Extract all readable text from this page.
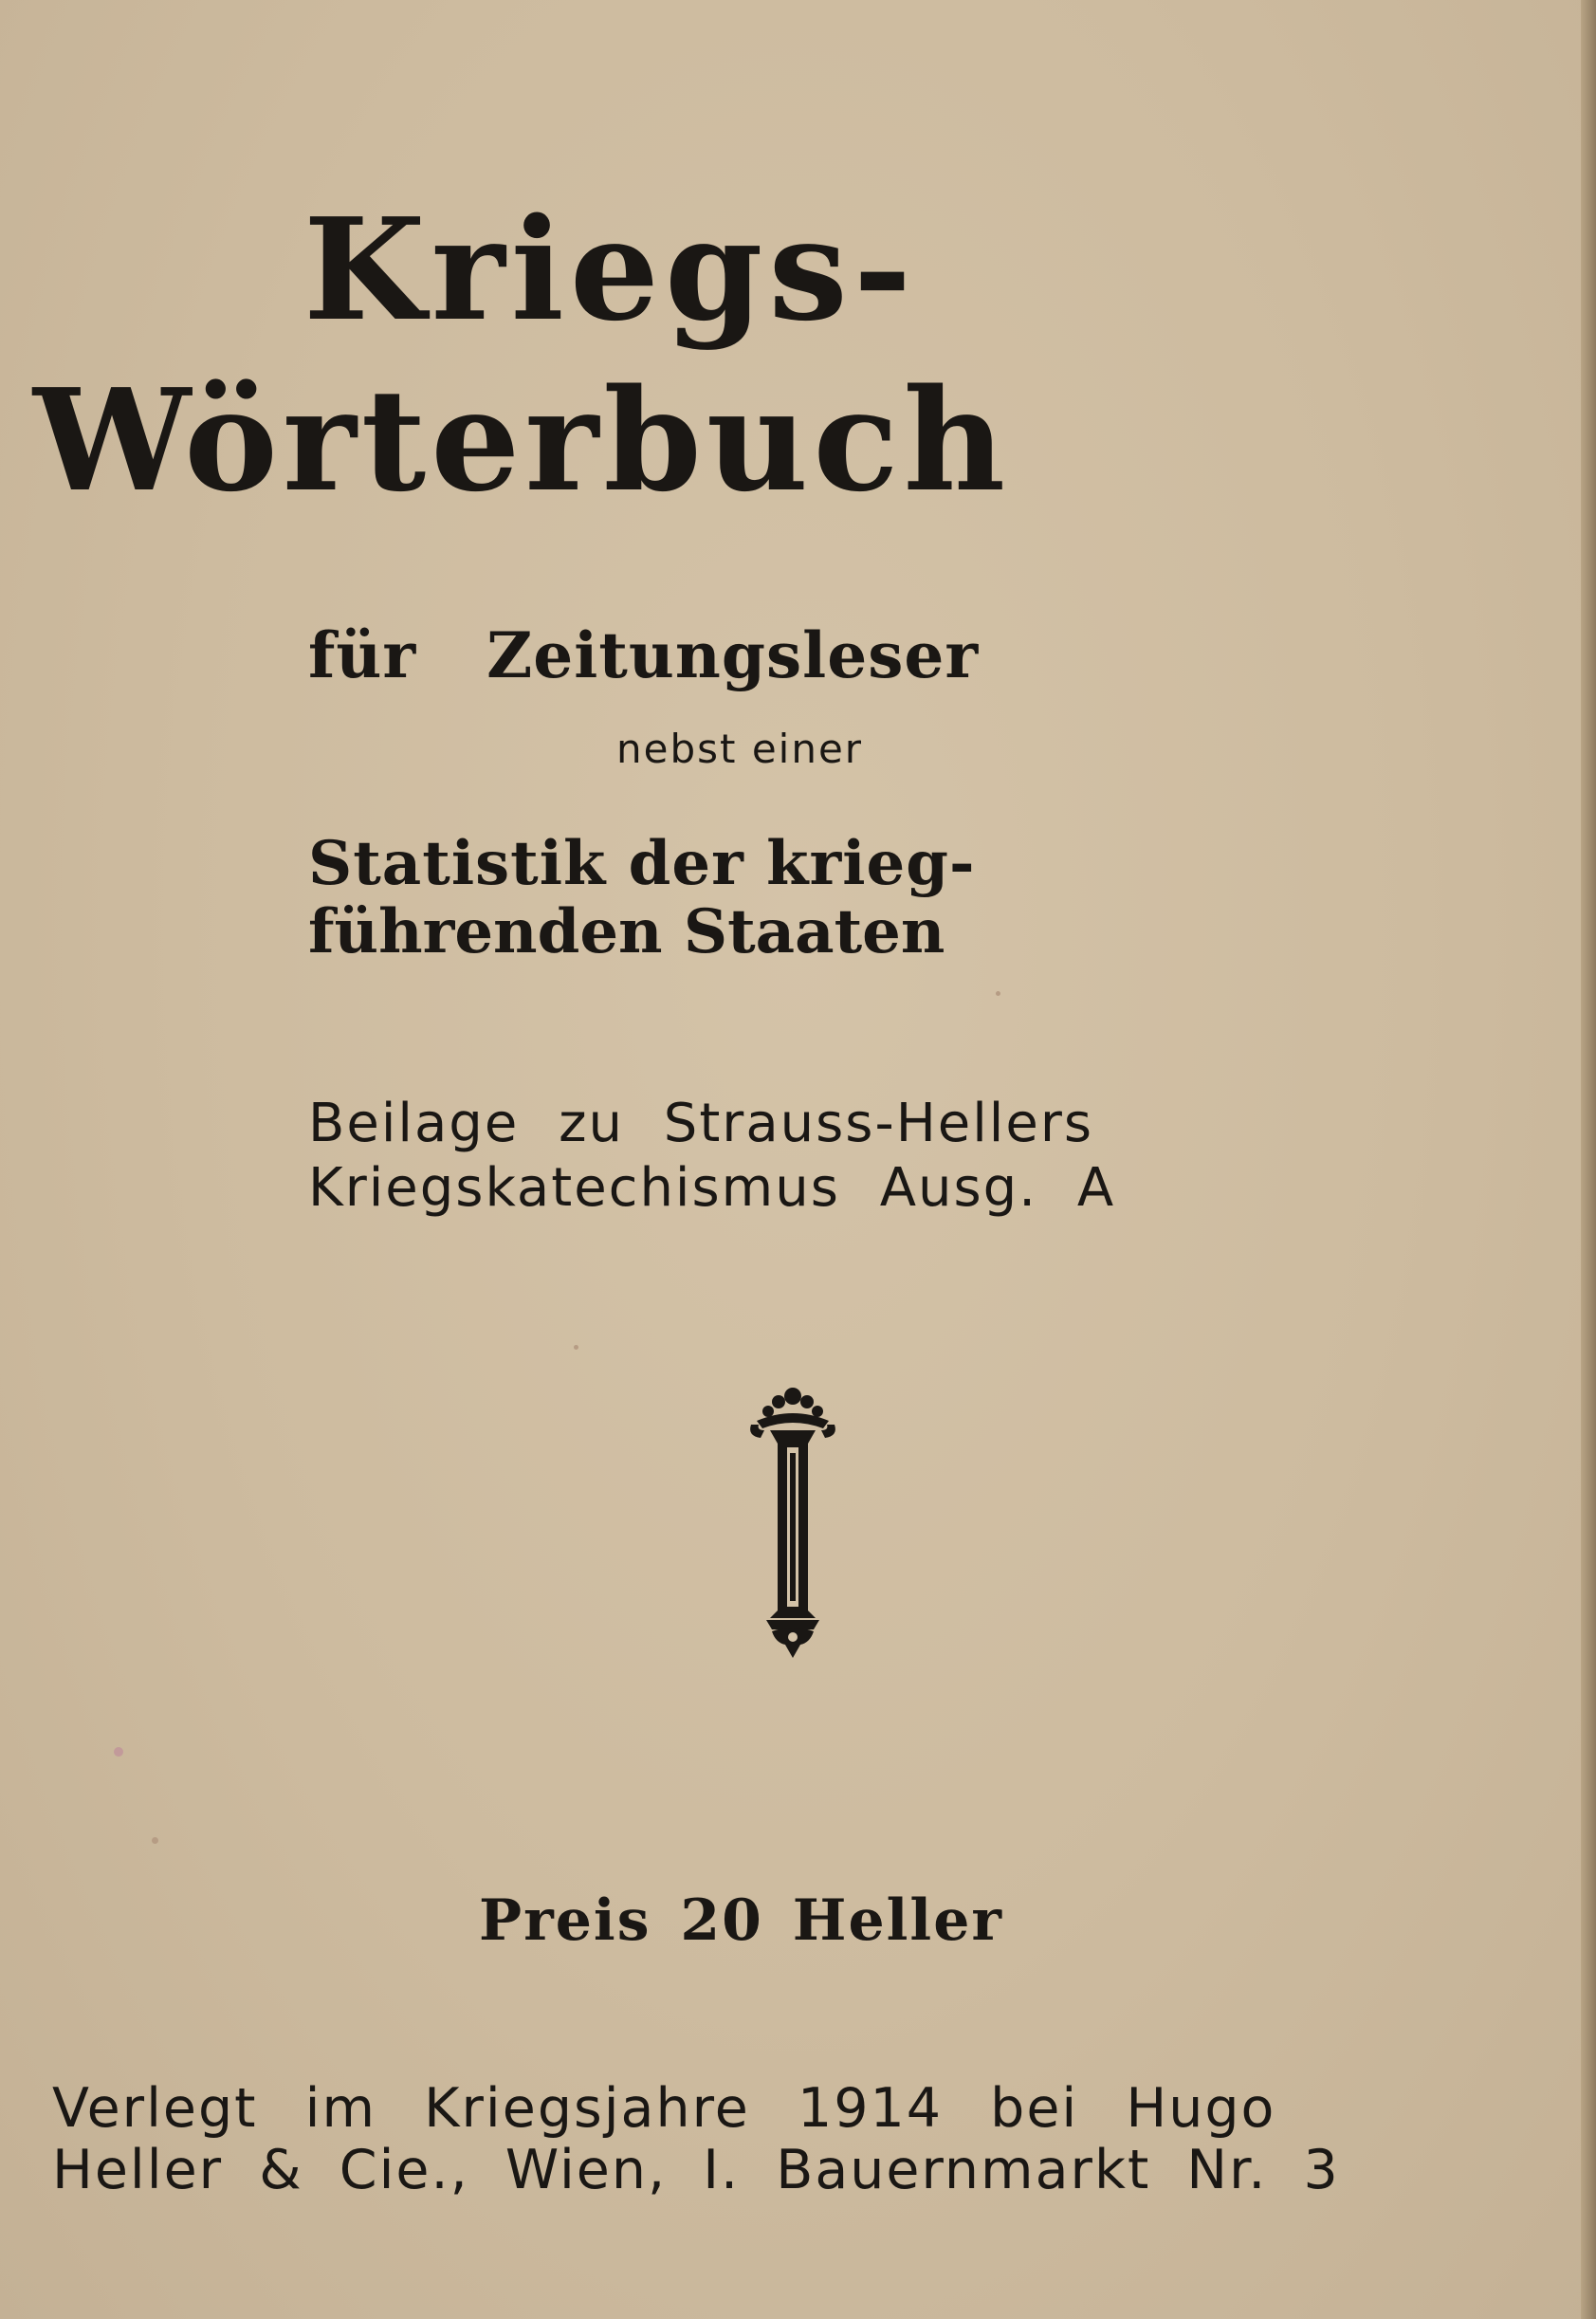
Kriegs-

Wörterbuch

für Zeitungsleser

nebst einer

Statistik der krieg-

führenden Staaten

Beilage zu Strauss-Hellers

Kriegskatechismus Ausg. A

Preis 20 Heller

Verlegt im Kriegsjahre 1914 bei Hugo

Heller & Cie., Wien, I. Bauernmarkt Nr. 3
